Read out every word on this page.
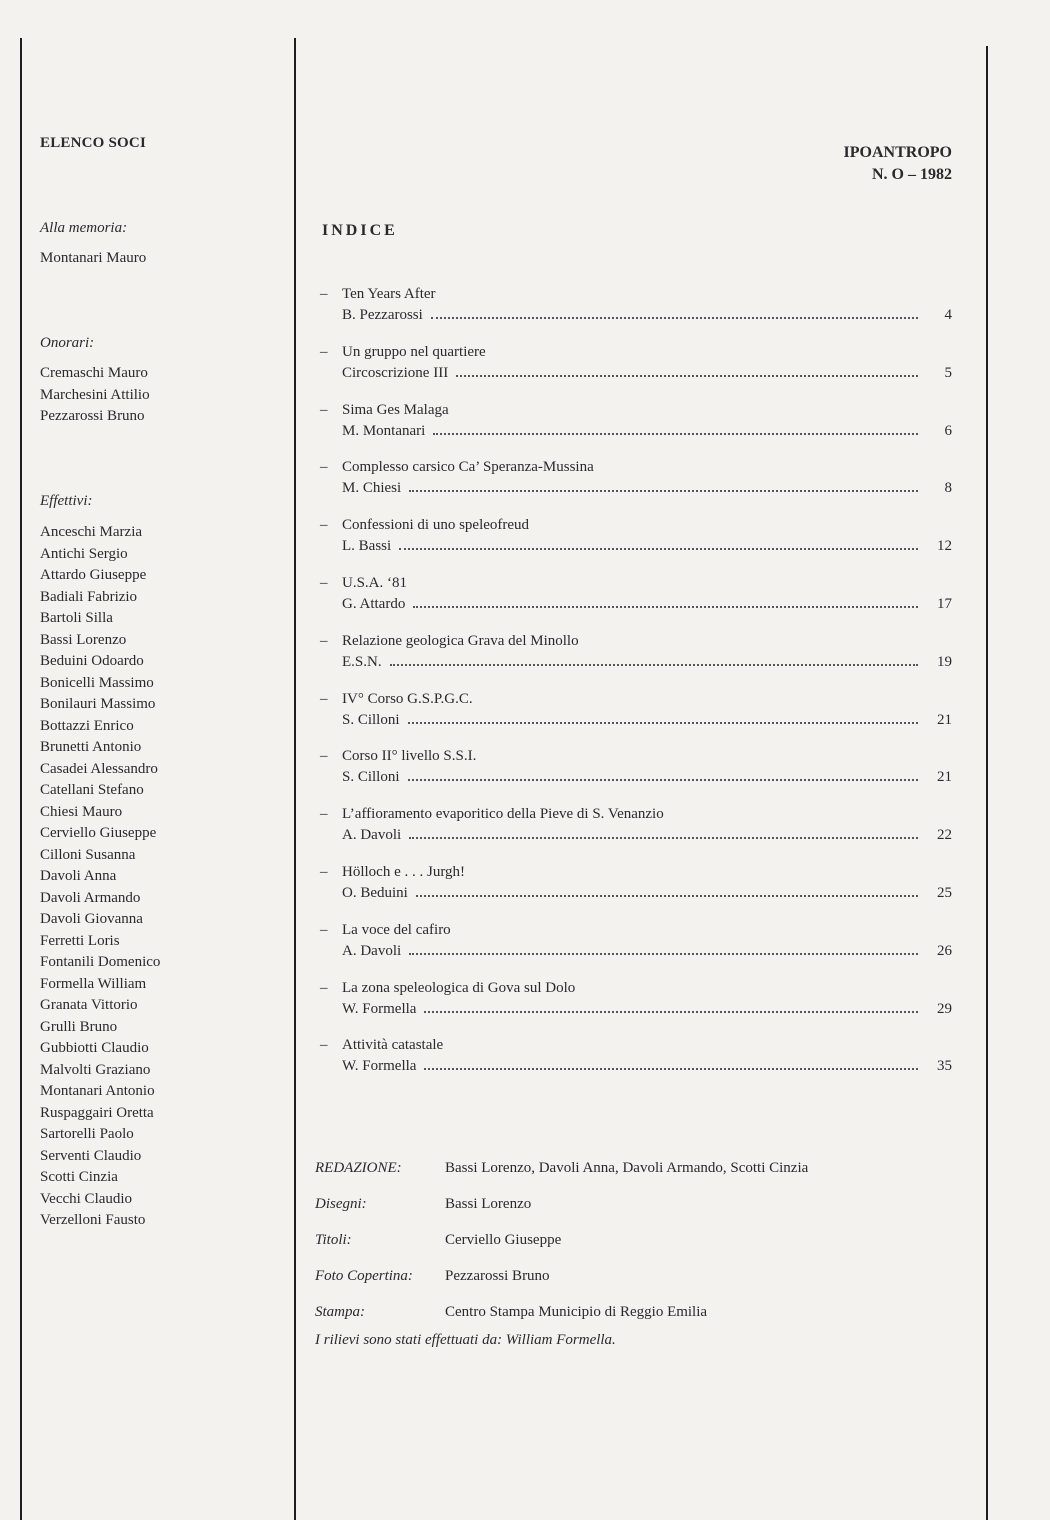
ELENCO SOCI
Alla memoria:
Montanari Mauro
Onorari:
Cremaschi Mauro
Marchesini Attilio
Pezzarossi Bruno
Effettivi:
Anceschi Marzia
Antichi Sergio
Attardo Giuseppe
Badiali Fabrizio
Bartoli Silla
Bassi Lorenzo
Beduini Odoardo
Bonicelli Massimo
Bonilauri Massimo
Bottazzi Enrico
Brunetti Antonio
Casadei Alessandro
Catellani Stefano
Chiesi Mauro
Cerviello Giuseppe
Cilloni Susanna
Davoli Anna
Davoli Armando
Davoli Giovanna
Ferretti Loris
Fontanili Domenico
Formella William
Granata Vittorio
Grulli Bruno
Gubbiotti Claudio
Malvolti Graziano
Montanari Antonio
Ruspaggairi Oretta
Sartorelli Paolo
Serventi Claudio
Scotti Cinzia
Vecchi Claudio
Verzelloni Fausto
IPOANTROPO
N. O – 1982
INDICE
– Ten Years After
B. Pezzarossi	4
– Un gruppo nel quartiere
Circoscrizione III	5
– Sima Ges Malaga
M. Montanari	6
– Complesso carsico Ca’ Speranza-Mussina
M. Chiesi	8
– Confessioni di uno speleofreud
L. Bassi	12
– U.S.A. ‘81
G. Attardo	17
– Relazione geologica Grava del Minollo
E.S.N.	19
– IV° Corso G.S.P.G.C.
S. Cilloni	21
– Corso II° livello S.S.I.
S. Cilloni	21
– L’affioramento evaporitico della Pieve di S. Venanzio
A. Davoli	22
– Hölloch e . . . Jurgh!
O. Beduini	25
– La voce del cafiro
A. Davoli	26
– La zona speleologica di Gova sul Dolo
W. Formella	29
– Attività catastale
W. Formella	35
REDAZIONE:	Bassi Lorenzo, Davoli Anna, Davoli Armando, Scotti Cinzia
Disegni:	Bassi Lorenzo
Titoli:	Cerviello Giuseppe
Foto Copertina:	Pezzarossi Bruno
Stampa:	Centro Stampa Municipio di Reggio Emilia
I rilievi sono stati effettuati da: William Formella.
